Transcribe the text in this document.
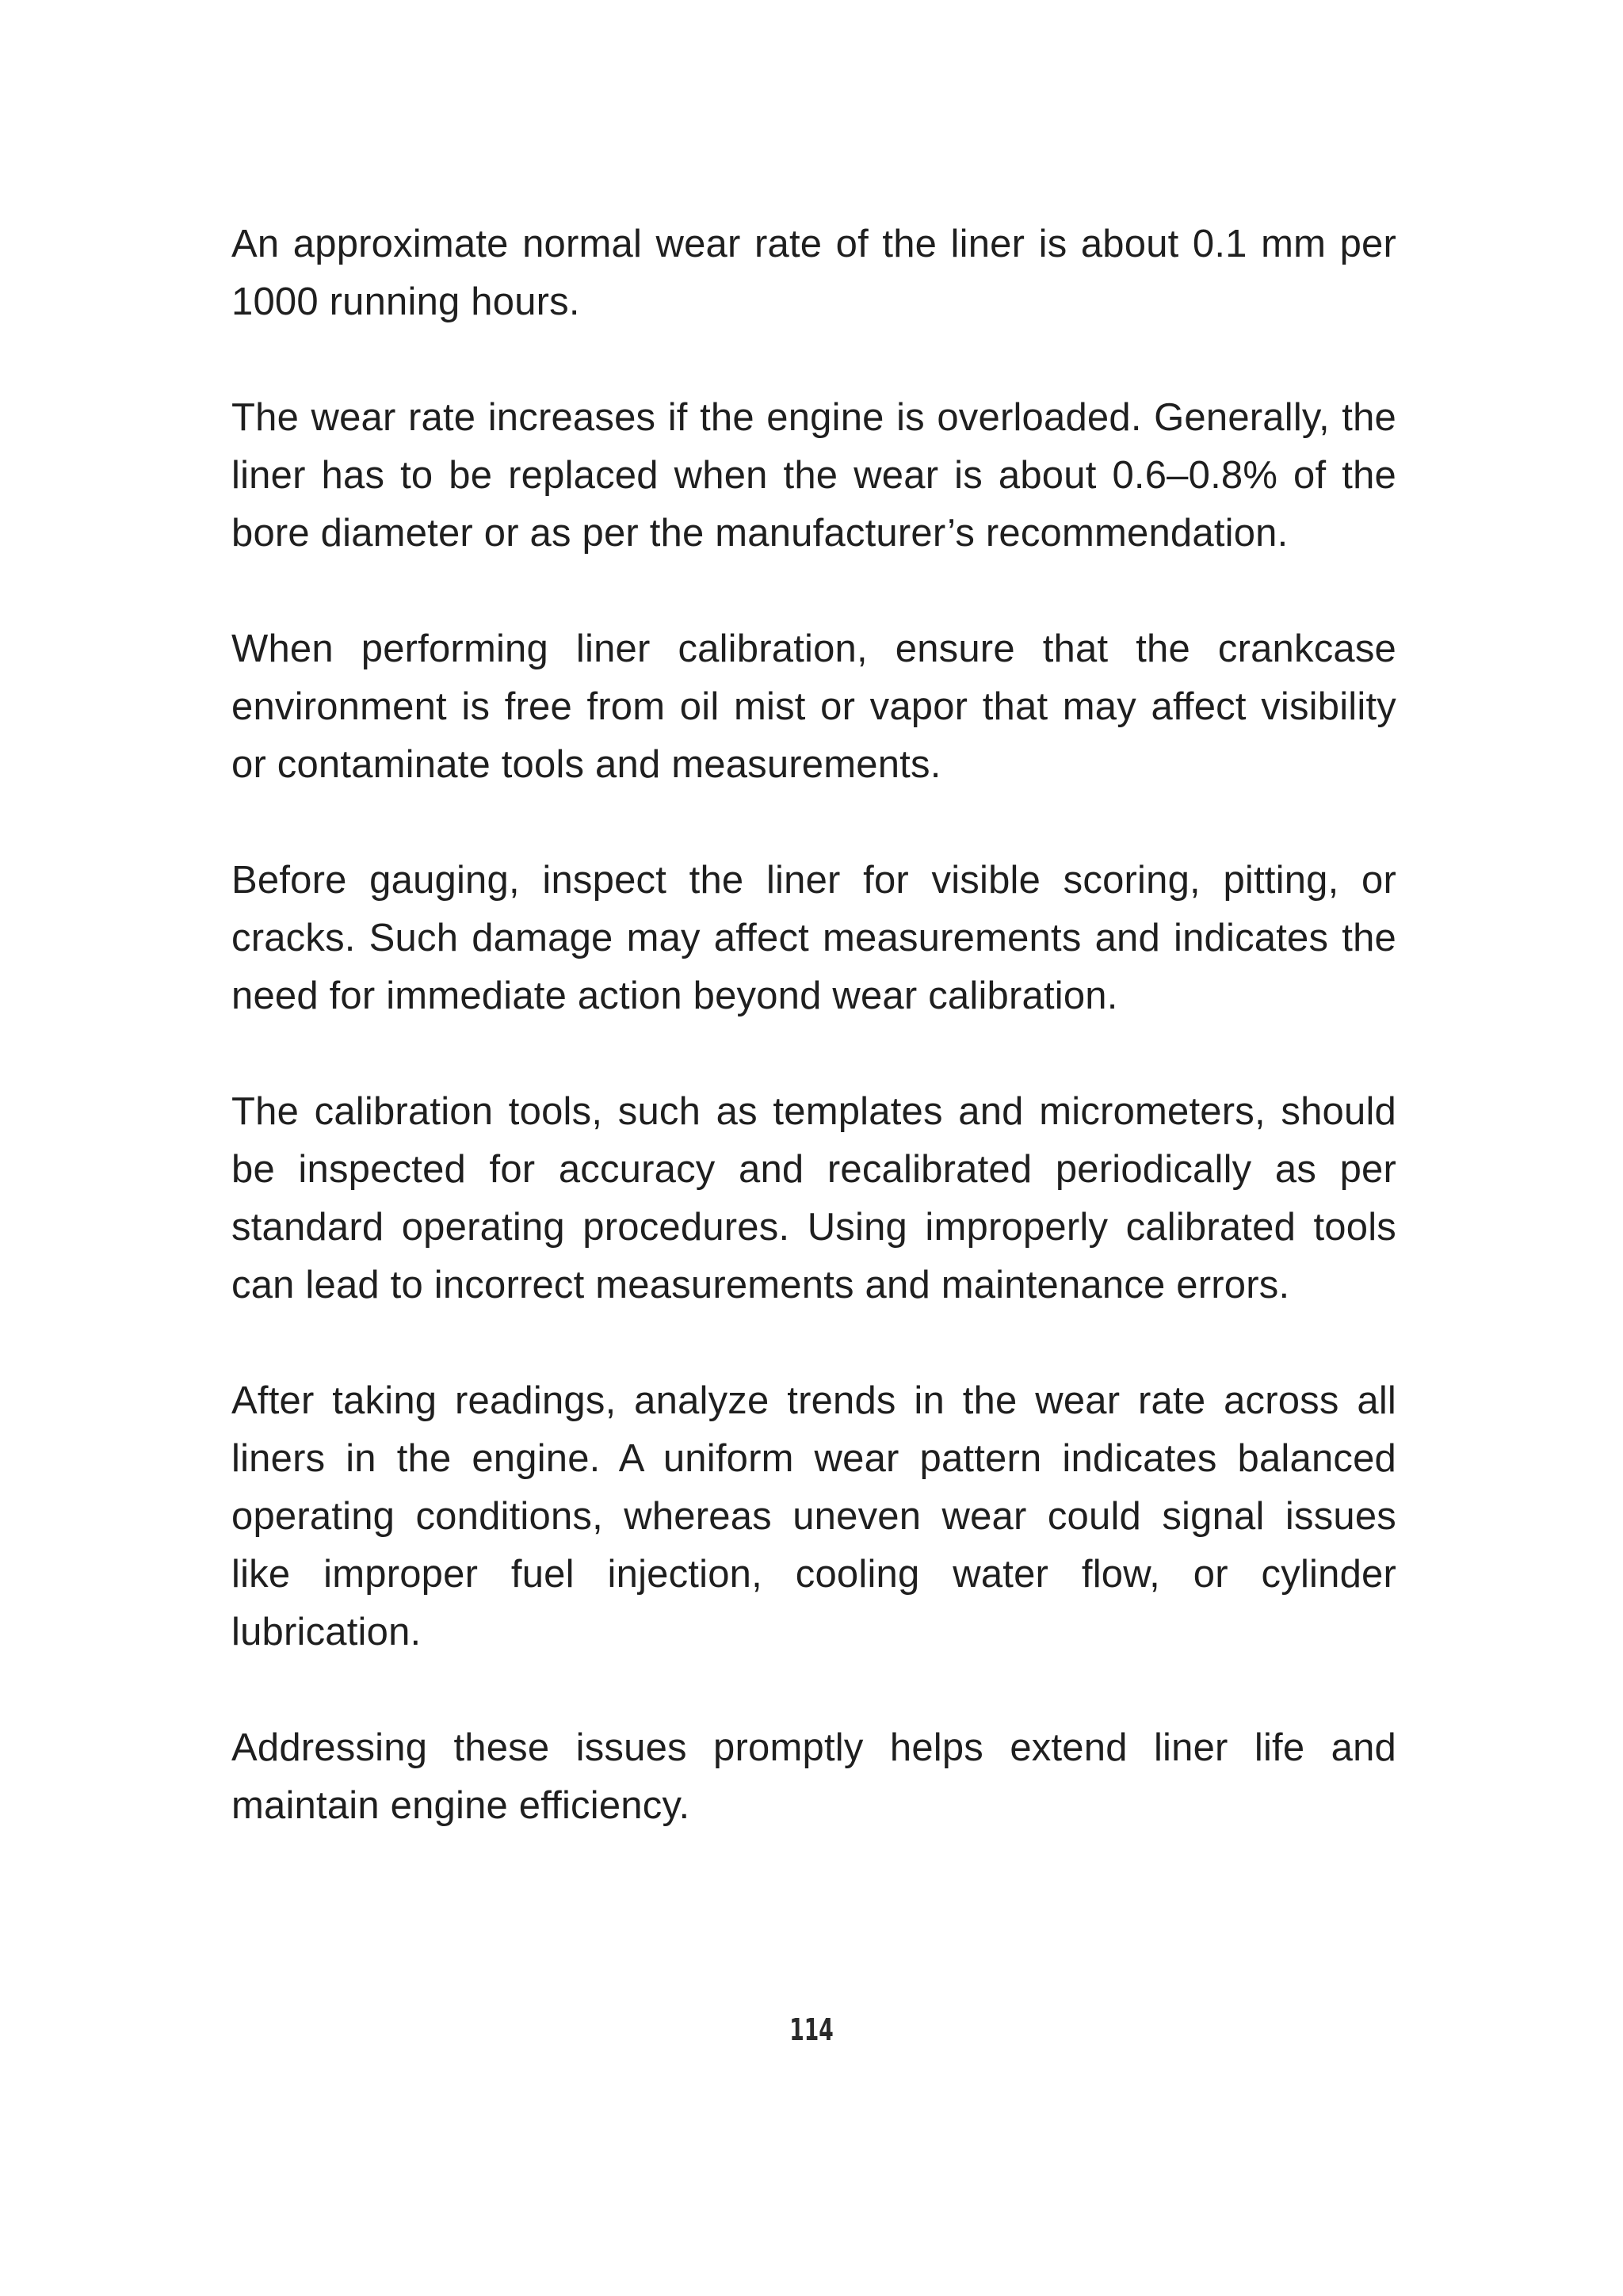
An approximate normal wear rate of the liner is about 0.1 mm per 1000 running hours.

The wear rate increases if the engine is overloaded. Generally, the liner has to be replaced when the wear is about 0.6–0.8% of the bore diameter or as per the manufacturer’s recommendation.

When performing liner calibration, ensure that the crankcase environment is free from oil mist or vapor that may affect visibility or contaminate tools and measurements.

Before gauging, inspect the liner for visible scoring, pitting, or cracks. Such damage may affect measurements and indicates the need for immediate action beyond wear calibration.

The calibration tools, such as templates and micrometers, should be inspected for accuracy and recalibrated periodically as per standard operating procedures. Using improperly calibrated tools can lead to incorrect measurements and maintenance errors.

After taking readings, analyze trends in the wear rate across all liners in the engine. A uniform wear pattern indicates balanced operating conditions, whereas uneven wear could signal issues like improper fuel injection, cooling water flow, or cylinder lubrication.

Addressing these issues promptly helps extend liner life and maintain engine efficiency.

114
